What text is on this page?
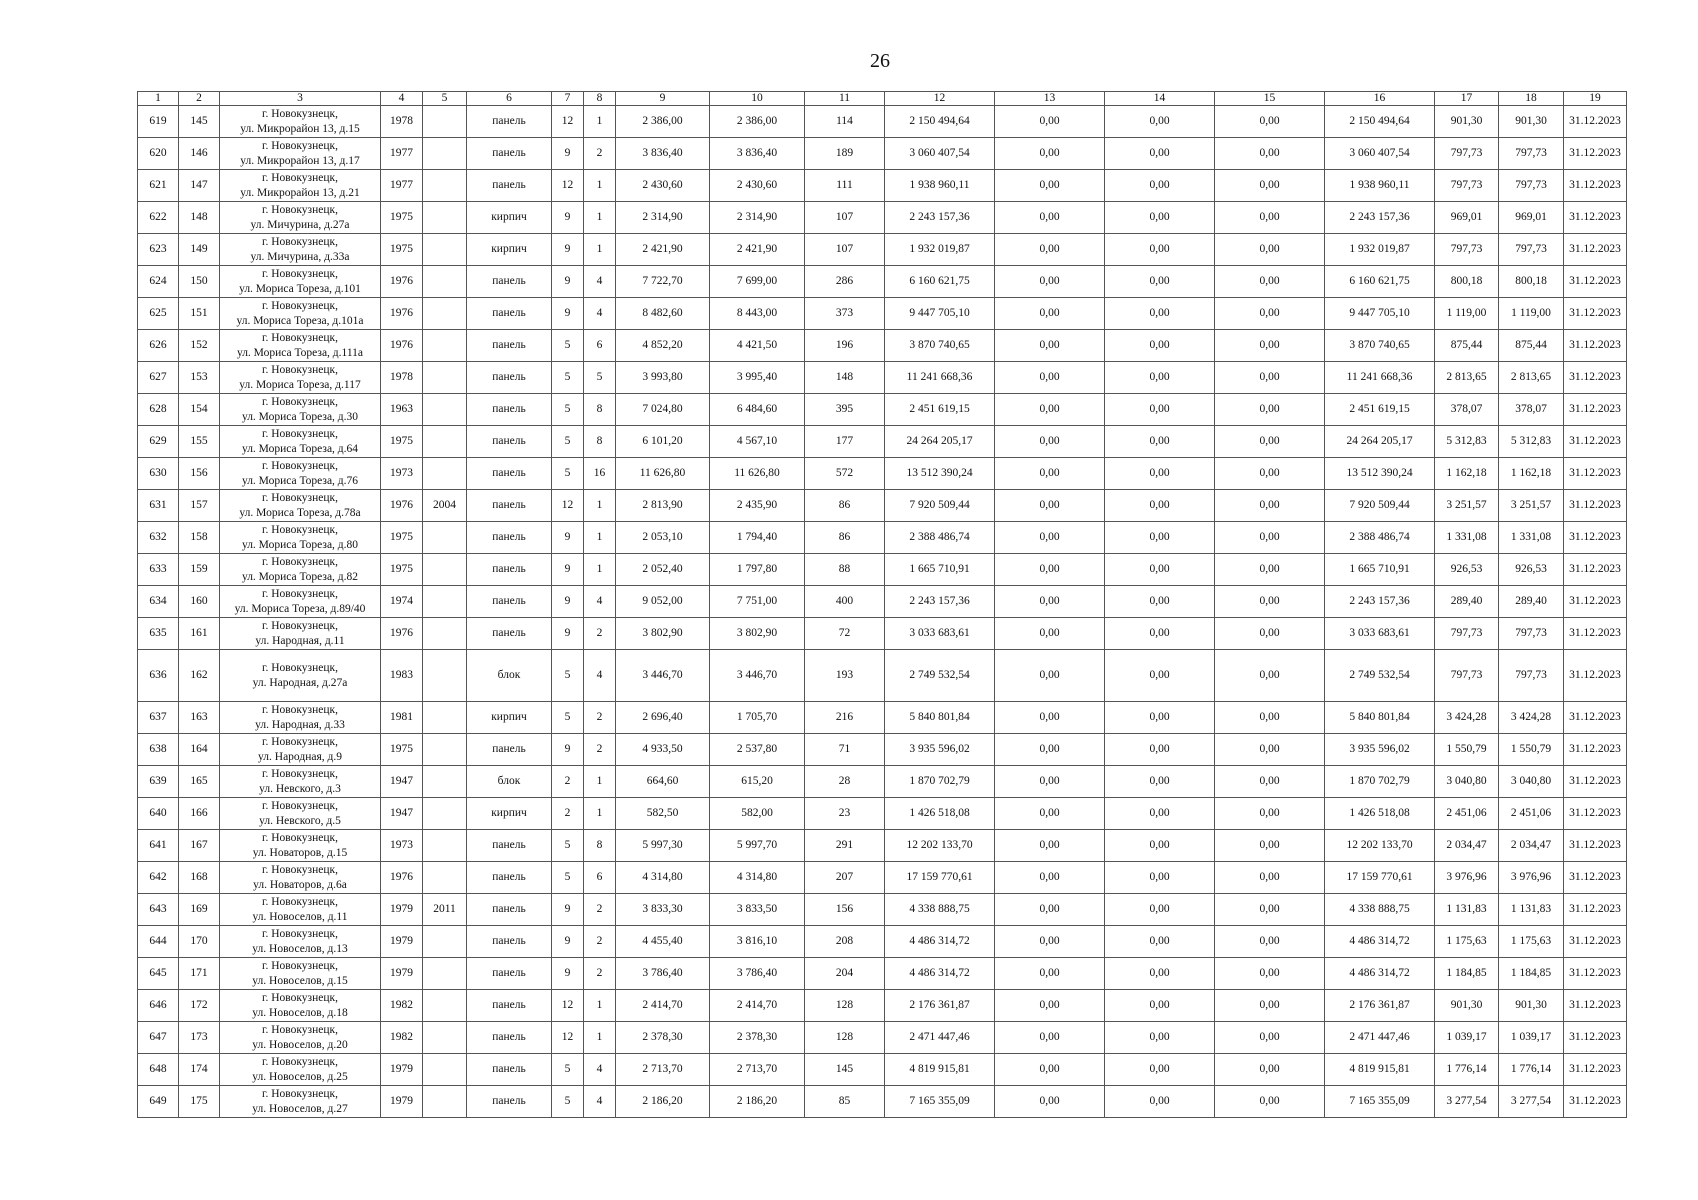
26
1	2	3	4	5	6	7	8	9	10	11	12	13	14	15	16	17	18	19
619	145	г. Новокузнецк,
ул. Микрорайон 13, д.15	1978		панель	12	1	2 386,00	2 386,00	114	2 150 494,64	0,00	0,00	0,00	2 150 494,64	901,30	901,30	31.12.2023
620	146	г. Новокузнецк,
ул. Микрорайон 13, д.17	1977		панель	9	2	3 836,40	3 836,40	189	3 060 407,54	0,00	0,00	0,00	3 060 407,54	797,73	797,73	31.12.2023
621	147	г. Новокузнецк,
ул. Микрорайон 13, д.21	1977		панель	12	1	2 430,60	2 430,60	111	1 938 960,11	0,00	0,00	0,00	1 938 960,11	797,73	797,73	31.12.2023
622	148	г. Новокузнецк,
ул. Мичурина, д.27а	1975		кирпич	9	1	2 314,90	2 314,90	107	2 243 157,36	0,00	0,00	0,00	2 243 157,36	969,01	969,01	31.12.2023
623	149	г. Новокузнецк,
ул. Мичурина, д.33а	1975		кирпич	9	1	2 421,90	2 421,90	107	1 932 019,87	0,00	0,00	0,00	1 932 019,87	797,73	797,73	31.12.2023
624	150	г. Новокузнецк,
ул. Мориса Тореза, д.101	1976		панель	9	4	7 722,70	7 699,00	286	6 160 621,75	0,00	0,00	0,00	6 160 621,75	800,18	800,18	31.12.2023
625	151	г. Новокузнецк,
ул. Мориса Тореза, д.101а	1976		панель	9	4	8 482,60	8 443,00	373	9 447 705,10	0,00	0,00	0,00	9 447 705,10	1 119,00	1 119,00	31.12.2023
626	152	г. Новокузнецк,
ул. Мориса Тореза, д.111а	1976		панель	5	6	4 852,20	4 421,50	196	3 870 740,65	0,00	0,00	0,00	3 870 740,65	875,44	875,44	31.12.2023
627	153	г. Новокузнецк,
ул. Мориса Тореза, д.117	1978		панель	5	5	3 993,80	3 995,40	148	11 241 668,36	0,00	0,00	0,00	11 241 668,36	2 813,65	2 813,65	31.12.2023
628	154	г. Новокузнецк,
ул. Мориса Тореза, д.30	1963		панель	5	8	7 024,80	6 484,60	395	2 451 619,15	0,00	0,00	0,00	2 451 619,15	378,07	378,07	31.12.2023
629	155	г. Новокузнецк,
ул. Мориса Тореза, д.64	1975		панель	5	8	6 101,20	4 567,10	177	24 264 205,17	0,00	0,00	0,00	24 264 205,17	5 312,83	5 312,83	31.12.2023
630	156	г. Новокузнецк,
ул. Мориса Тореза, д.76	1973		панель	5	16	11 626,80	11 626,80	572	13 512 390,24	0,00	0,00	0,00	13 512 390,24	1 162,18	1 162,18	31.12.2023
631	157	г. Новокузнецк,
ул. Мориса Тореза, д.78а	1976	2004	панель	12	1	2 813,90	2 435,90	86	7 920 509,44	0,00	0,00	0,00	7 920 509,44	3 251,57	3 251,57	31.12.2023
632	158	г. Новокузнецк,
ул. Мориса Тореза, д.80	1975		панель	9	1	2 053,10	1 794,40	86	2 388 486,74	0,00	0,00	0,00	2 388 486,74	1 331,08	1 331,08	31.12.2023
633	159	г. Новокузнецк,
ул. Мориса Тореза, д.82	1975		панель	9	1	2 052,40	1 797,80	88	1 665 710,91	0,00	0,00	0,00	1 665 710,91	926,53	926,53	31.12.2023
634	160	г. Новокузнецк,
ул. Мориса Тореза, д.89/40	1974		панель	9	4	9 052,00	7 751,00	400	2 243 157,36	0,00	0,00	0,00	2 243 157,36	289,40	289,40	31.12.2023
635	161	г. Новокузнецк,
ул. Народная, д.11	1976		панель	9	2	3 802,90	3 802,90	72	3 033 683,61	0,00	0,00	0,00	3 033 683,61	797,73	797,73	31.12.2023
636	162	г. Новокузнецк,
ул. Народная, д.27а	1983		блок	5	4	3 446,70	3 446,70	193	2 749 532,54	0,00	0,00	0,00	2 749 532,54	797,73	797,73	31.12.2023
637	163	г. Новокузнецк,
ул. Народная, д.33	1981		кирпич	5	2	2 696,40	1 705,70	216	5 840 801,84	0,00	0,00	0,00	5 840 801,84	3 424,28	3 424,28	31.12.2023
638	164	г. Новокузнецк,
ул. Народная, д.9	1975		панель	9	2	4 933,50	2 537,80	71	3 935 596,02	0,00	0,00	0,00	3 935 596,02	1 550,79	1 550,79	31.12.2023
639	165	г. Новокузнецк,
ул. Невского, д.3	1947		блок	2	1	664,60	615,20	28	1 870 702,79	0,00	0,00	0,00	1 870 702,79	3 040,80	3 040,80	31.12.2023
640	166	г. Новокузнецк,
ул. Невского, д.5	1947		кирпич	2	1	582,50	582,00	23	1 426 518,08	0,00	0,00	0,00	1 426 518,08	2 451,06	2 451,06	31.12.2023
641	167	г. Новокузнецк,
ул. Новаторов, д.15	1973		панель	5	8	5 997,30	5 997,70	291	12 202 133,70	0,00	0,00	0,00	12 202 133,70	2 034,47	2 034,47	31.12.2023
642	168	г. Новокузнецк,
ул. Новаторов, д.6а	1976		панель	5	6	4 314,80	4 314,80	207	17 159 770,61	0,00	0,00	0,00	17 159 770,61	3 976,96	3 976,96	31.12.2023
643	169	г. Новокузнецк,
ул. Новоселов, д.11	1979	2011	панель	9	2	3 833,30	3 833,50	156	4 338 888,75	0,00	0,00	0,00	4 338 888,75	1 131,83	1 131,83	31.12.2023
644	170	г. Новокузнецк,
ул. Новоселов, д.13	1979		панель	9	2	4 455,40	3 816,10	208	4 486 314,72	0,00	0,00	0,00	4 486 314,72	1 175,63	1 175,63	31.12.2023
645	171	г. Новокузнецк,
ул. Новоселов, д.15	1979		панель	9	2	3 786,40	3 786,40	204	4 486 314,72	0,00	0,00	0,00	4 486 314,72	1 184,85	1 184,85	31.12.2023
646	172	г. Новокузнецк,
ул. Новоселов, д.18	1982		панель	12	1	2 414,70	2 414,70	128	2 176 361,87	0,00	0,00	0,00	2 176 361,87	901,30	901,30	31.12.2023
647	173	г. Новокузнецк,
ул. Новоселов, д.20	1982		панель	12	1	2 378,30	2 378,30	128	2 471 447,46	0,00	0,00	0,00	2 471 447,46	1 039,17	1 039,17	31.12.2023
648	174	г. Новокузнецк,
ул. Новоселов, д.25	1979		панель	5	4	2 713,70	2 713,70	145	4 819 915,81	0,00	0,00	0,00	4 819 915,81	1 776,14	1 776,14	31.12.2023
649	175	г. Новокузнецк,
ул. Новоселов, д.27	1979		панель	5	4	2 186,20	2 186,20	85	7 165 355,09	0,00	0,00	0,00	7 165 355,09	3 277,54	3 277,54	31.12.2023
